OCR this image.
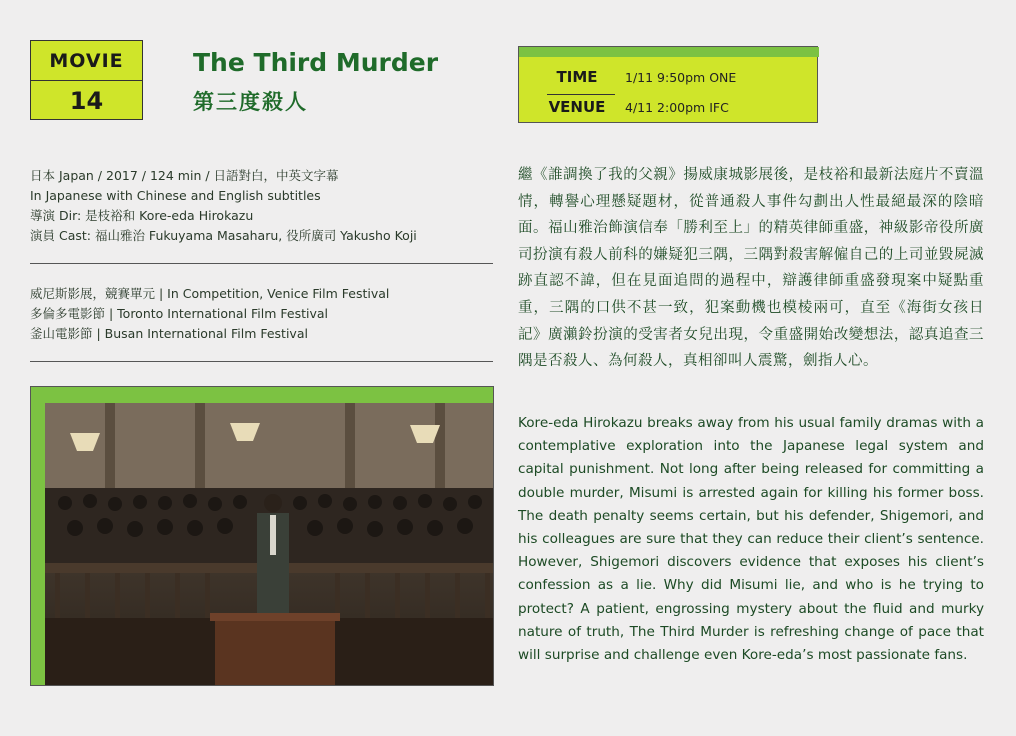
MOVIE
14
The Third Murder
第三度殺人
TIME	1/11 9:50pm ONE
VENUE	4/11 2:00pm IFC
日本 Japan / 2017 / 124 min / 日語對白，中英文字幕
In Japanese with Chinese and English subtitles
導演 Dir: 是枝裕和 Kore-eda Hirokazu
演員 Cast: 福山雅治 Fukuyama Masaharu, 役所廣司 Yakusho Koji
威尼斯影展，競賽單元 | In Competition, Venice Film Festival
多倫多電影節 | Toronto International Film Festival
釜山電影節 | Busan International Film Festival
繼《誰調換了我的父親》揚威康城影展後，是枝裕和最新法庭片不賣溫情，轉譽心理懸疑題材，從普通殺人事件勾劃出人性最絕最深的陰暗面。福山雅治飾演信奉「勝利至上」的精英律師重盛，神級影帝役所廣司扮演有殺人前科的嫌疑犯三隅，三隅對殺害解僱自己的上司並毀屍滅跡直認不諱，但在見面追問的過程中，辯護律師重盛發現案中疑點重重，三隅的口供不甚一致，犯案動機也模棱兩可，直至《海街女孩日記》廣瀨鈴扮演的受害者女兒出現，令重盛開始改變想法，認真追查三隅是否殺人、為何殺人，真相卻叫人震驚，劍指人心。
Kore-eda Hirokazu breaks away from his usual family dramas with a contemplative exploration into the Japanese legal system and capital punishment. Not long after being released for committing a double murder, Misumi is arrested again for killing his former boss. The death penalty seems certain, but his defender, Shigemori, and his colleagues are sure that they can reduce their client’s sentence. However, Shigemori discovers evidence that exposes his client’s confession as a lie. Why did Misumi lie, and who is he trying to protect? A patient, engrossing mystery about the fluid and murky nature of truth, The Third Murder is refreshing change of pace that will surprise and challenge even Kore-eda’s most passionate fans.
